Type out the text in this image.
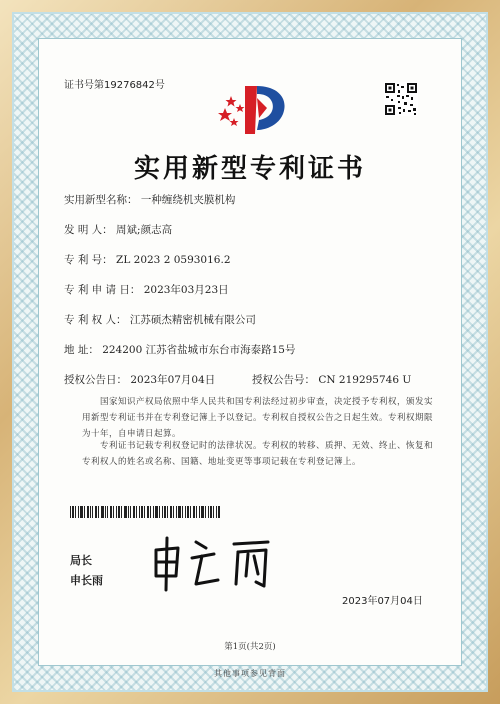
证书号第19276842号
实用新型专利证书
实用新型名称： 一种缠绕机夹膜机构
发 明 人： 周斌;颜志高
专 利 号： ZL 2023 2 0593016.2
专 利 申 请 日： 2023年03月23日
专 利 权 人： 江苏硕杰精密机械有限公司
地 址： 224200 江苏省盐城市东台市海泰路15号
授权公告日： 2023年07月04日	授权公告号： CN 219295746 U
国家知识产权局依照中华人民共和国专利法经过初步审查，决定授予专利权，颁发实用新型专利证书并在专利登记簿上予以登记。专利权自授权公告之日起生效。专利权期限为十年，自申请日起算。
专利证书记载专利权登记时的法律状况。专利权的转移、质押、无效、终止、恢复和专利权人的姓名或名称、国籍、地址变更等事项记载在专利登记簿上。
局长
申长雨
2023年07月04日
第1页(共2页)
其他事项参见背面
